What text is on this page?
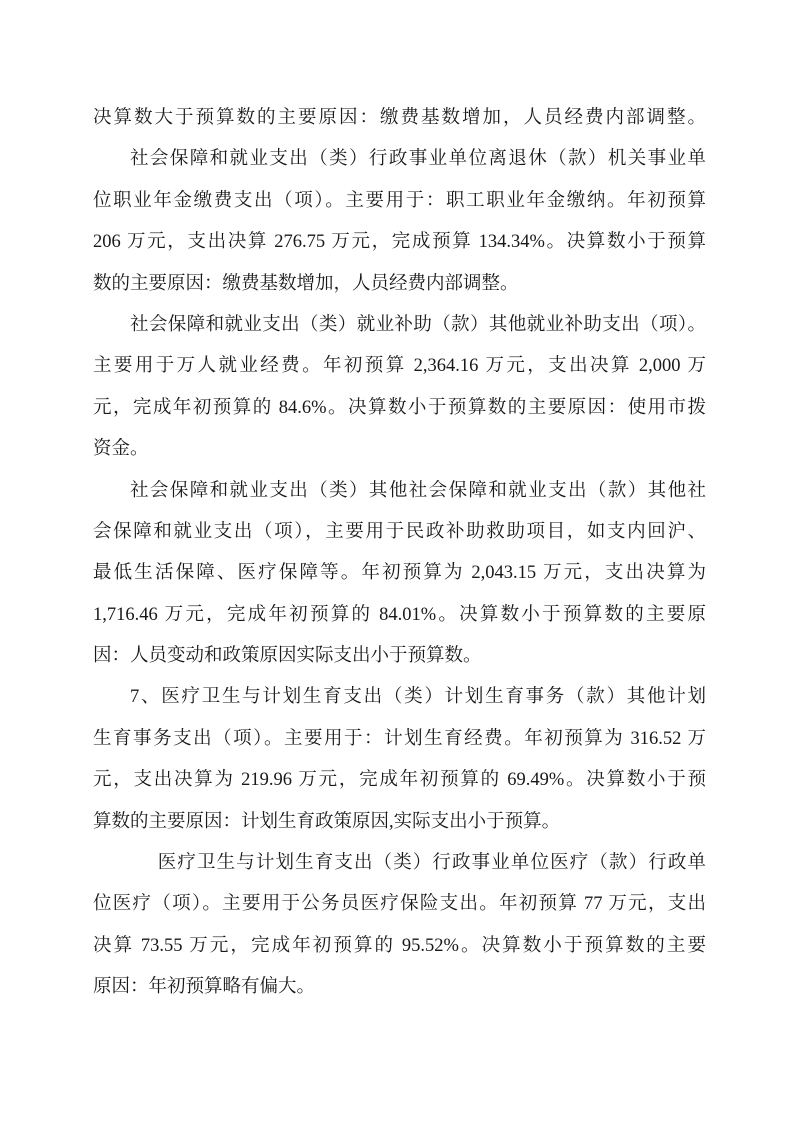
决算数大于预算数的主要原因：缴费基数增加，人员经费内部调整。
社会保障和就业支出（类）行政事业单位离退休（款）机关事业单
位职业年金缴费支出（项）。主要用于：职工职业年金缴纳。年初预算
206 万元，支出决算 276.75 万元，完成预算 134.34%。决算数小于预算
数的主要原因：缴费基数增加，人员经费内部调整。
社会保障和就业支出（类）就业补助（款）其他就业补助支出（项）。
主要用于万人就业经费。年初预算 2,364.16 万元，支出决算 2,000 万
元，完成年初预算的 84.6%。决算数小于预算数的主要原因：使用市拨
资金。
社会保障和就业支出（类）其他社会保障和就业支出（款）其他社
会保障和就业支出（项），主要用于民政补助救助项目，如支内回沪、
最低生活保障、医疗保障等。年初预算为 2,043.15 万元，支出决算为
1,716.46 万元，完成年初预算的 84.01%。决算数小于预算数的主要原
因：人员变动和政策原因实际支出小于预算数。
7、医疗卫生与计划生育支出（类）计划生育事务（款）其他计划
生育事务支出（项）。主要用于：计划生育经费。年初预算为 316.52 万
元，支出决算为 219.96 万元，完成年初预算的 69.49%。决算数小于预
算数的主要原因：计划生育政策原因,实际支出小于预算。
医疗卫生与计划生育支出（类）行政事业单位医疗（款）行政单
位医疗（项）。主要用于公务员医疗保险支出。年初预算 77 万元，支出
决算 73.55 万元，完成年初预算的 95.52%。决算数小于预算数的主要
原因：年初预算略有偏大。
